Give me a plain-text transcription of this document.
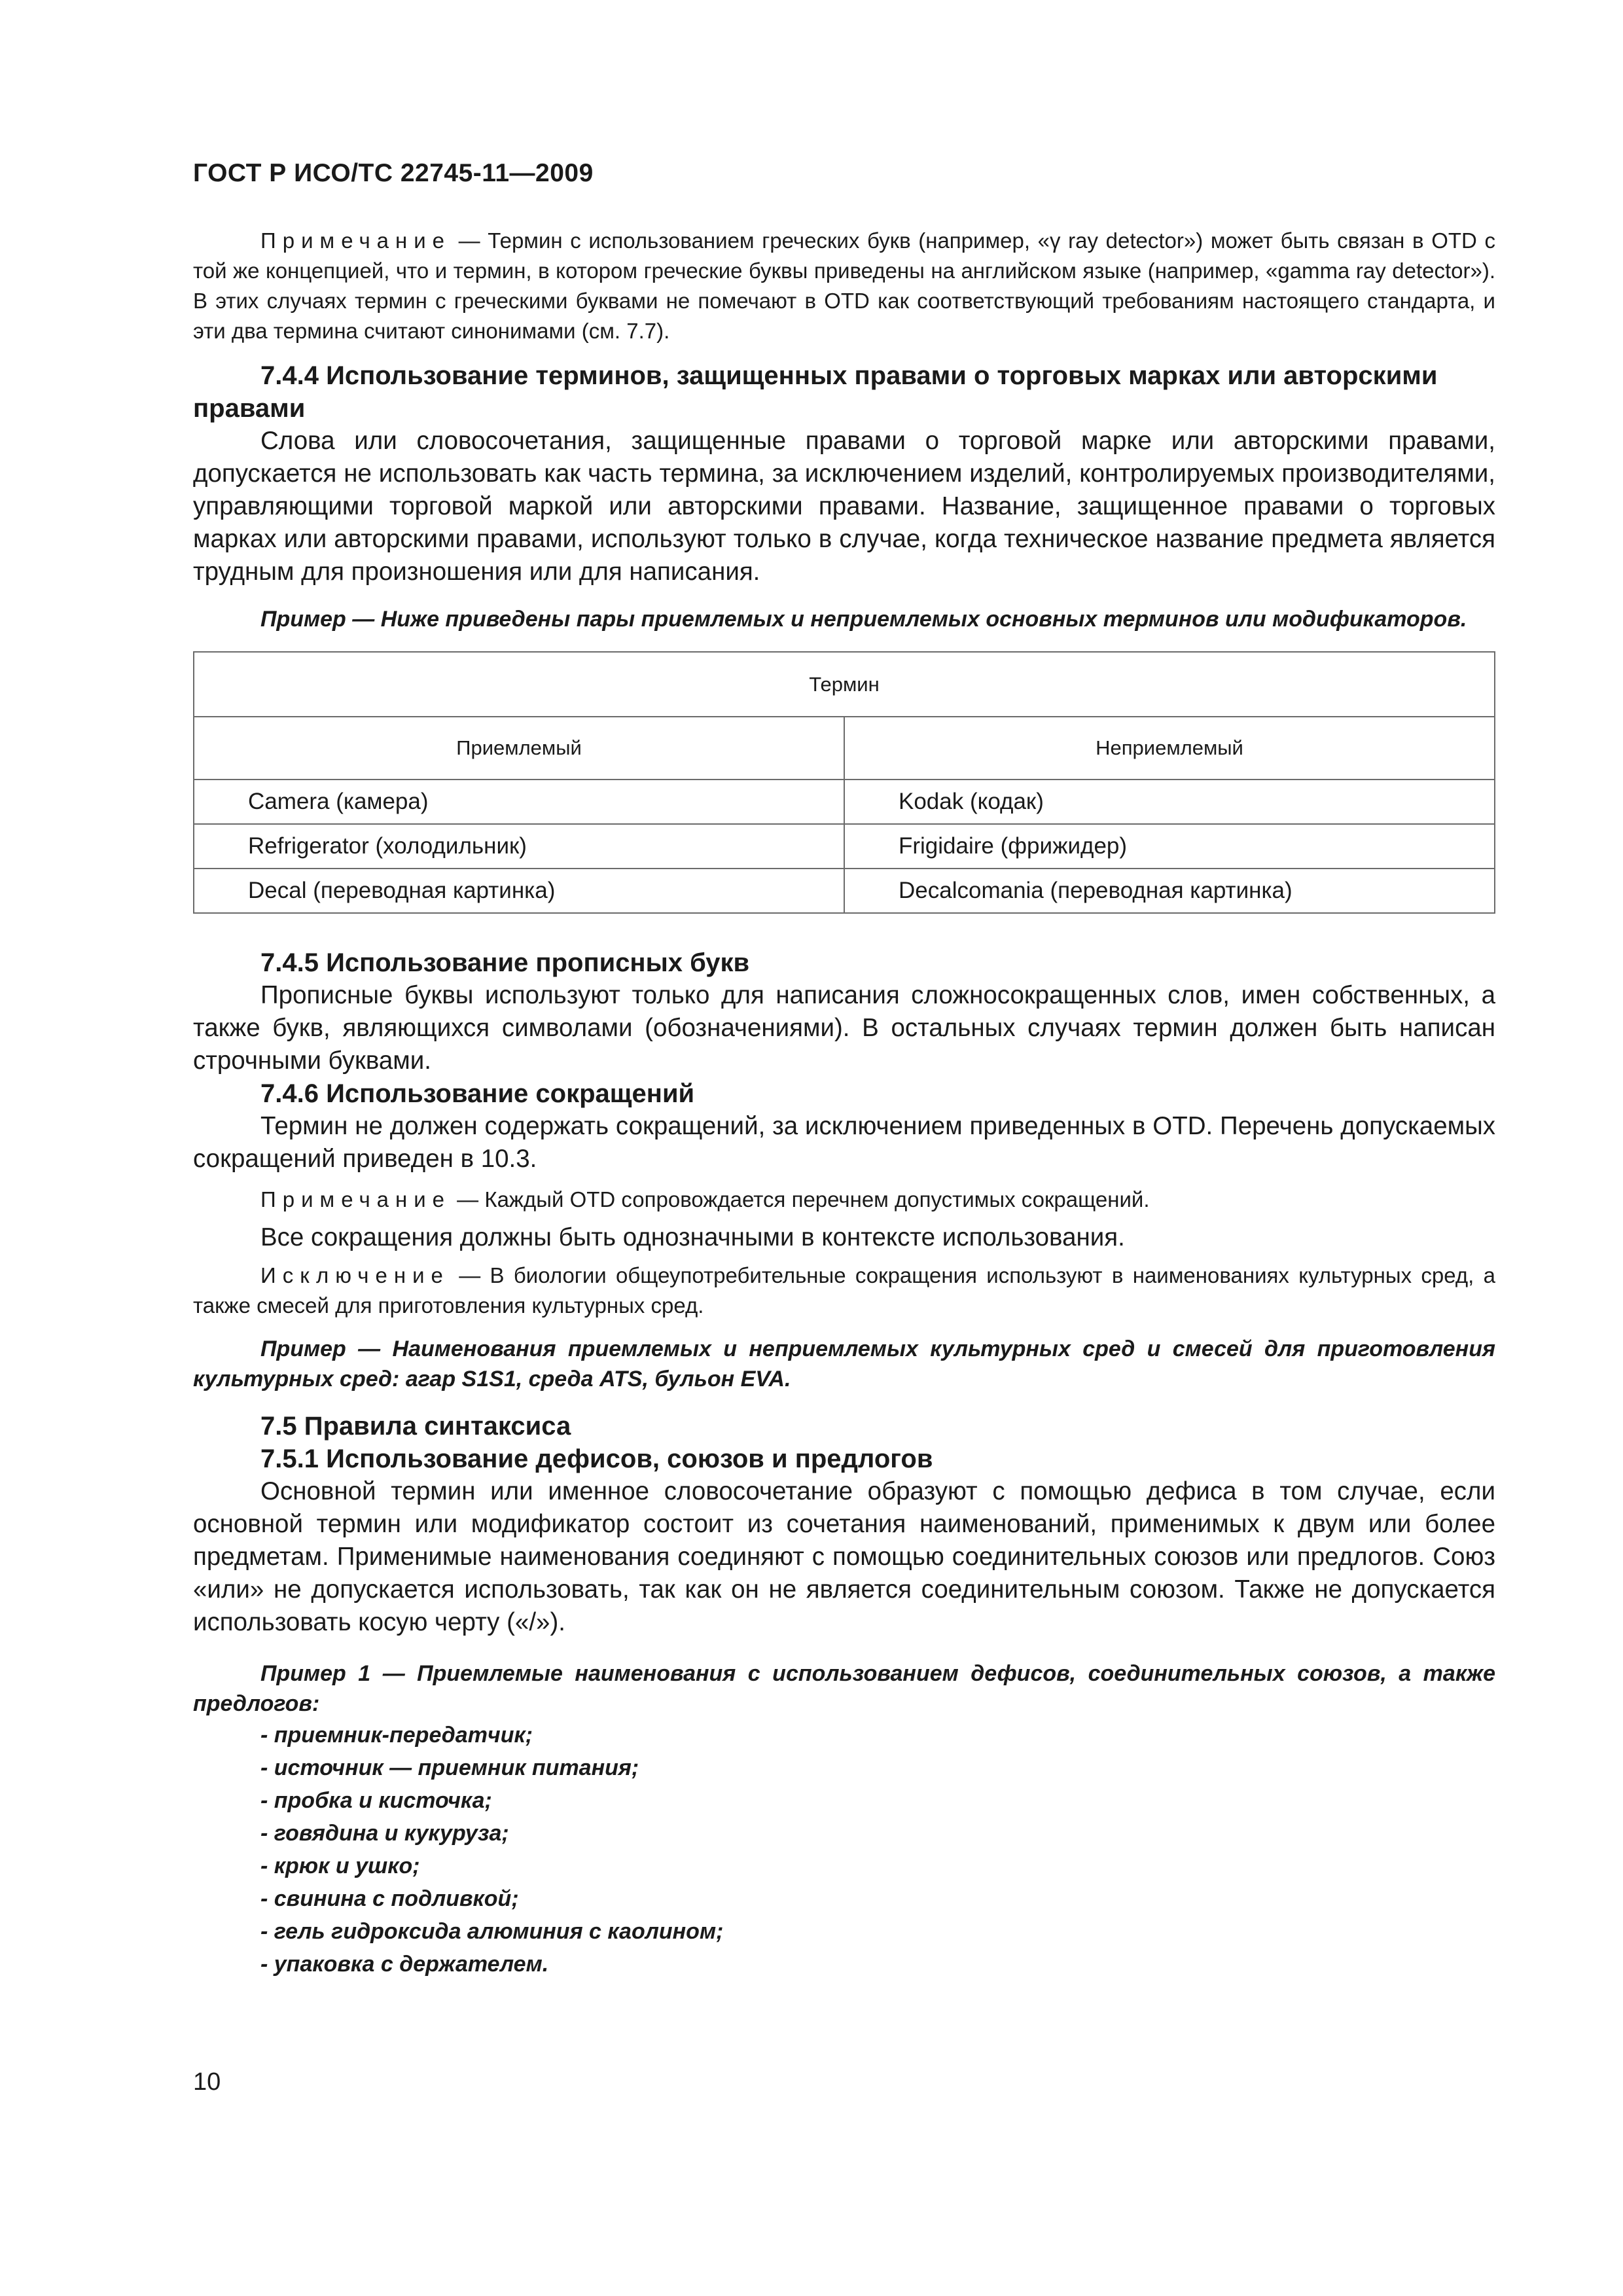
ГОСТ Р ИСО/ТС 22745-11—2009

Примечание — Термин с использованием греческих букв (например, «γ ray detector») может быть связан в OTD с той же концепцией, что и термин, в котором греческие буквы приведены на английском языке (например, «gamma ray detector»). В этих случаях термин с греческими буквами не помечают в OTD как соответствующий требованиям настоящего стандарта, и эти два термина считают синонимами (см. 7.7).

7.4.4 Использование терминов, защищенных правами о торговых марках или авторскими правами

Слова или словосочетания, защищенные правами о торговой марке или авторскими правами, допускается не использовать как часть термина, за исключением изделий, контролируемых производителями, управляющими торговой маркой или авторскими правами. Название, защищенное правами о торговых марках или авторскими правами, используют только в случае, когда техническое название предмета является трудным для произношения или для написания.

Пример — Ниже приведены пары приемлемых и неприемлемых основных терминов или модификаторов.

Термин	
Приемлемый	Неприемлемый
Camera (камера)	Kodak (кодак)
Refrigerator (холодильник)	Frigidaire (фрижидер)
Decal (переводная картинка)	Decalcomania (переводная картинка)

7.4.5 Использование прописных букв

Прописные буквы используют только для написания сложносокращенных слов, имен собственных, а также букв, являющихся символами (обозначениями). В остальных случаях термин должен быть написан строчными буквами.

7.4.6 Использование сокращений

Термин не должен содержать сокращений, за исключением приведенных в OTD. Перечень допускаемых сокращений приведен в 10.3.

Примечание — Каждый OTD сопровождается перечнем допустимых сокращений.

Все сокращения должны быть однозначными в контексте использования.

Исключение — В биологии общеупотребительные сокращения используют в наименованиях культурных сред, а также смесей для приготовления культурных сред.

Пример — Наименования приемлемых и неприемлемых культурных сред и смесей для приготовления культурных сред: агар S1S1, среда ATS, бульон EVA.

7.5 Правила синтаксиса

7.5.1 Использование дефисов, союзов и предлогов

Основной термин или именное словосочетание образуют с помощью дефиса в том случае, если основной термин или модификатор состоит из сочетания наименований, применимых к двум или более предметам. Применимые наименования соединяют с помощью соединительных союзов или предлогов. Союз «или» не допускается использовать, так как он не является соединительным союзом. Также не допускается использовать косую черту («/»).

Пример 1 — Приемлемые наименования с использованием дефисов, соединительных союзов, а также предлогов:

- приемник-передатчик;

- источник — приемник питания;

- пробка и кисточка;

- говядина и кукуруза;

- крюк и ушко;

- свинина с подливкой;

- гель гидроксида алюминия с каолином;

- упаковка с держателем.

10
